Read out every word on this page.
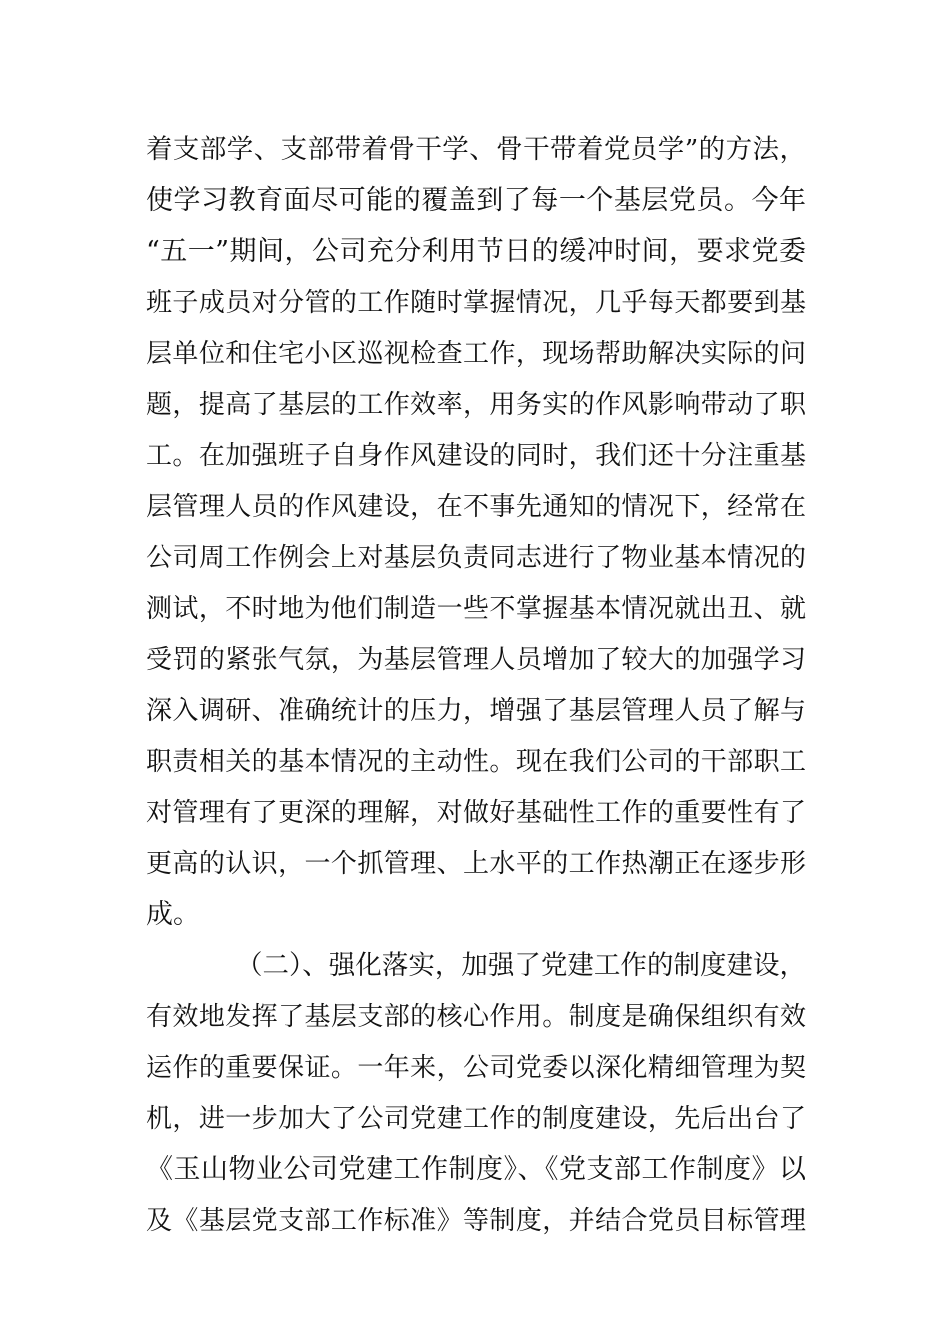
着支部学、支部带着骨干学、骨干带着党员学”的方法，
使学习教育面尽可能的覆盖到了每一个基层党员。今年
“五一”期间，公司充分利用节日的缓冲时间，要求党委
班子成员对分管的工作随时掌握情况，几乎每天都要到基
层单位和住宅小区巡视检查工作，现场帮助解决实际的问
题，提高了基层的工作效率，用务实的作风影响带动了职
工。在加强班子自身作风建设的同时，我们还十分注重基
层管理人员的作风建设，在不事先通知的情况下，经常在
公司周工作例会上对基层负责同志进行了物业基本情况的
测试，不时地为他们制造一些不掌握基本情况就出丑、就
受罚的紧张气氛，为基层管理人员增加了较大的加强学习
深入调研、准确统计的压力，增强了基层管理人员了解与
职责相关的基本情况的主动性。现在我们公司的干部职工
对管理有了更深的理解，对做好基础性工作的重要性有了
更高的认识，一个抓管理、上水平的工作热潮正在逐步形
成。
（二）、强化落实，加强了党建工作的制度建设，
有效地发挥了基层支部的核心作用。制度是确保组织有效
运作的重要保证。一年来，公司党委以深化精细管理为契
机，进一步加大了公司党建工作的制度建设，先后出台了
《玉山物业公司党建工作制度》、《党支部工作制度》以
及《基层党支部工作标准》等制度，并结合党员目标管理
